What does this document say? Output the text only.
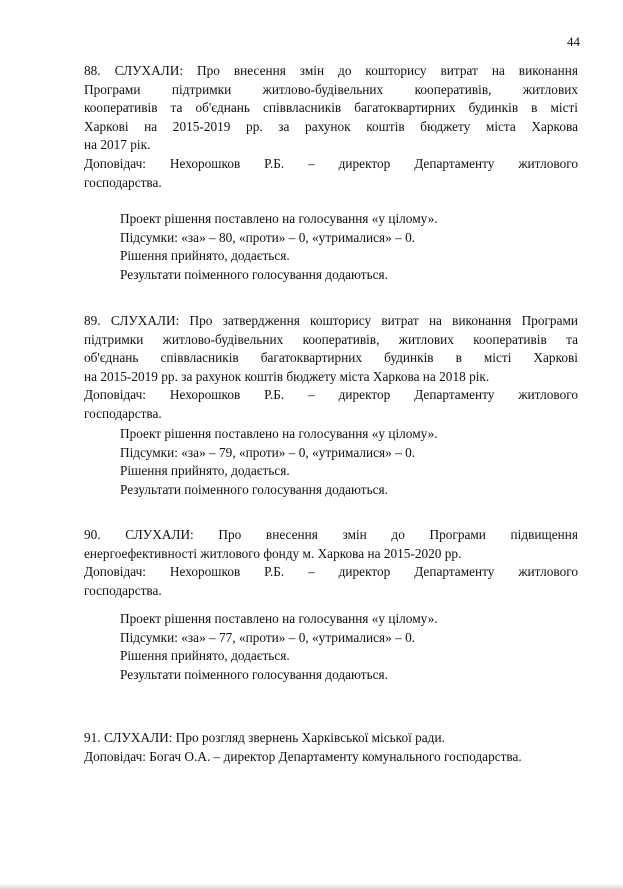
44
88. СЛУХАЛИ: Про внесення змін до кошторису витрат на виконання
Програми підтримки житлово-будівельних кооперативів, житлових
кооперативів та об'єднань співвласників багатоквартирних будинків в місті
Харкові на 2015-2019 рр. за рахунок коштів бюджету міста Харкова
на 2017 рік.
Доповідач: Нехорошков Р.Б. – директор Департаменту житлового
господарства.
Проект рішення поставлено на голосування «у цілому».
Підсумки: «за» – 80, «проти» – 0, «утрималися» – 0.
Рішення прийнято, додається.
Результати поіменного голосування додаються.
89. СЛУХАЛИ: Про затвердження кошторису витрат на виконання Програми
підтримки житлово-будівельних кооперативів, житлових кооперативів та
об'єднань співвласників багатоквартирних будинків в місті Харкові
на 2015-2019 рр. за рахунок коштів бюджету міста Харкова на 2018 рік.
Доповідач: Нехорошков Р.Б. – директор Департаменту житлового
господарства.
Проект рішення поставлено на голосування «у цілому».
Підсумки: «за» – 79, «проти» – 0, «утрималися» – 0.
Рішення прийнято, додається.
Результати поіменного голосування додаються.
90. СЛУХАЛИ: Про внесення змін до Програми підвищення
енергоефективності житлового фонду м. Харкова на 2015-2020 рр.
Доповідач: Нехорошков Р.Б. – директор Департаменту житлового
господарства.
Проект рішення поставлено на голосування «у цілому».
Підсумки: «за» – 77, «проти» – 0, «утрималися» – 0.
Рішення прийнято, додається.
Результати поіменного голосування додаються.
91. СЛУХАЛИ: Про розгляд звернень Харківської міської ради.
Доповідач: Богач О.А. – директор Департаменту комунального господарства.
